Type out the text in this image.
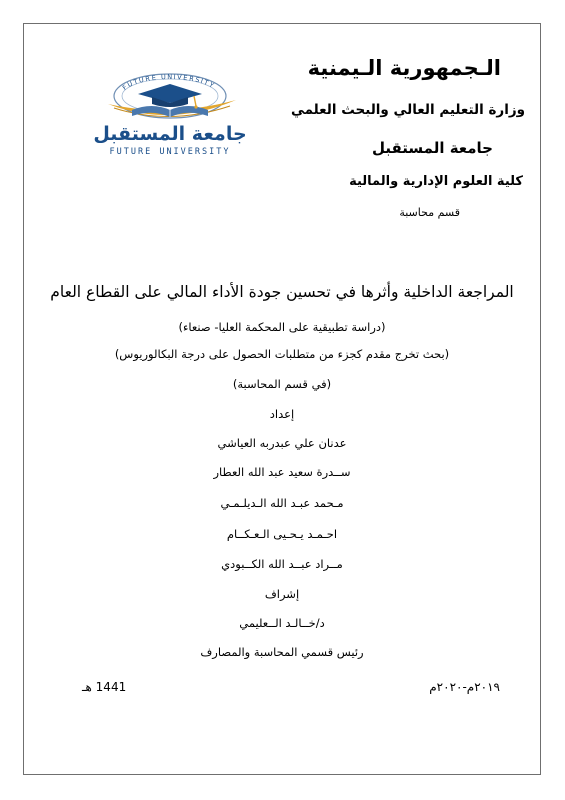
الـجمهورية الـيمنية
وزارة التعليم العالي والبحث العلمي
جامعة المستقبل
كلية العلوم الإدارية والمالية
قسم محاسبة
FUTURE UNIVERSITY
جامعة المستقبل
FUTURE UNIVERSITY
المراجعة الداخلية وأثرها في تحسين جودة الأداء المالي على القطاع العام
(دراسة تطبيقية على المحكمة العليا- صنعاء)
(بحث تخرج مقدم كجزء من متطلبات الحصول على درجة البكالوريوس)
(في قسم المحاسبة)
إعداد
عدنان علي عبدربه العياشي
ســدرة سعيد عبد الله العطار
مـحمد عبـد الله الـديلـمـي
احـمـد يـحـيى الـعـكــام
مــراد عبــد الله الكــبودي
إشراف
د/خــالـد الــعليمي
رئيس قسمي المحاسبة والمصارف
٢٠١٩م-٢٠٢٠م
1441 هـ
